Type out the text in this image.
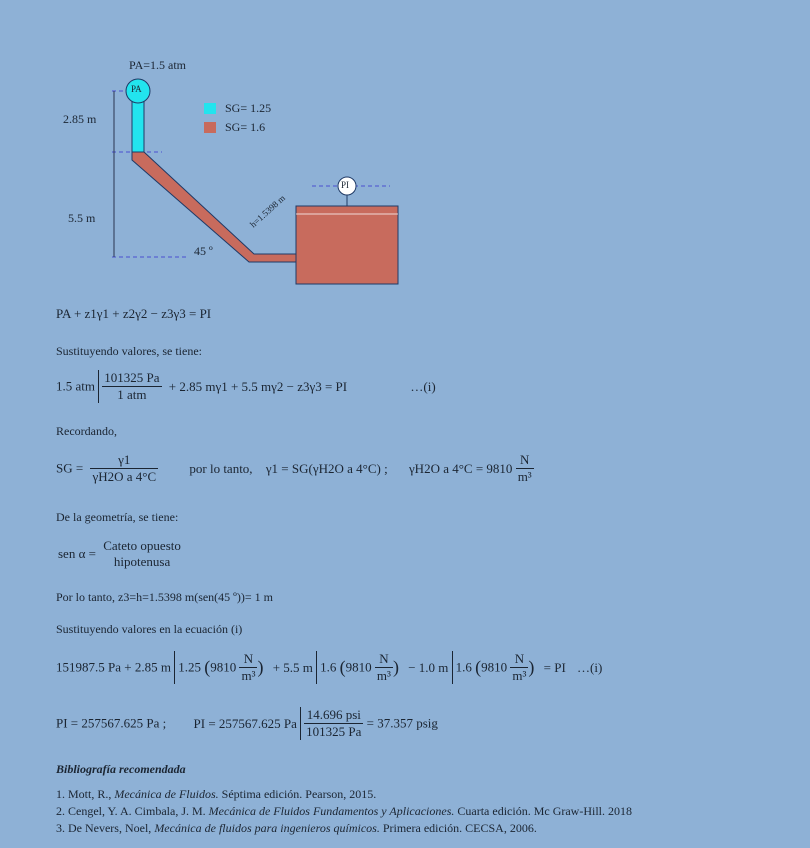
PA=1.5 atm
PA
PI
2.85 m
5.5 m
45 º
h=1.5398 m
SG= 1.25
SG= 1.6
PA + z1γ1 + z2γ2 − z3γ3 = PI
Sustituyendo valores, se tiene:
1.5 atm $\frac{101325 Pa}{\text{1 atm}} + 2.85$ mγ1 + 5.5 mγ2 − z3γ3 = PI	…(i)
Recordando,
SG = $\frac{\gamma 1}{\text{γH2O a 4°C}}$ por lo tanto, γ1 = SG(γH2O a 4°C) ; γH2O a $4^\circ C = 9810 \frac{N}{\text{m³}}$
De la geometría, se tiene:
sen α =
Cateto opuesto
hipotenusa
Por lo tanto, z3=h=1.5398 m(sen(45 º))= 1 m
Sustituyendo valores en la ecuación (i)
151987.5 Pa + 2.85 m 1.25 ($9810 \frac{N}{\text{m³}}$ ) + 5.5 m 1.6 ($9810 \frac{N}{\text{m³}}$ ) − 1.0 m 1.6 ($9810 \frac{N}{\text{m³}}$ ) = PI …(i)
PI = 257567.625 Pa ; PI = 257567.625 Pa $\frac{\text{14.696 psi}}{101325 Pa} = 37.357$ psig
Bibliografía recomendada
1. Mott, R., Mecánica de Fluidos. Séptima edición. Pearson, 2015.
2. Cengel, Y. A. Cimbala, J. M. Mecánica de Fluidos Fundamentos y Aplicaciones. Cuarta edición. Mc Graw-Hill. 2018
3. De Nevers, Noel, Mecánica de fluidos para ingenieros químicos. Primera edición. CECSA, 2006.
